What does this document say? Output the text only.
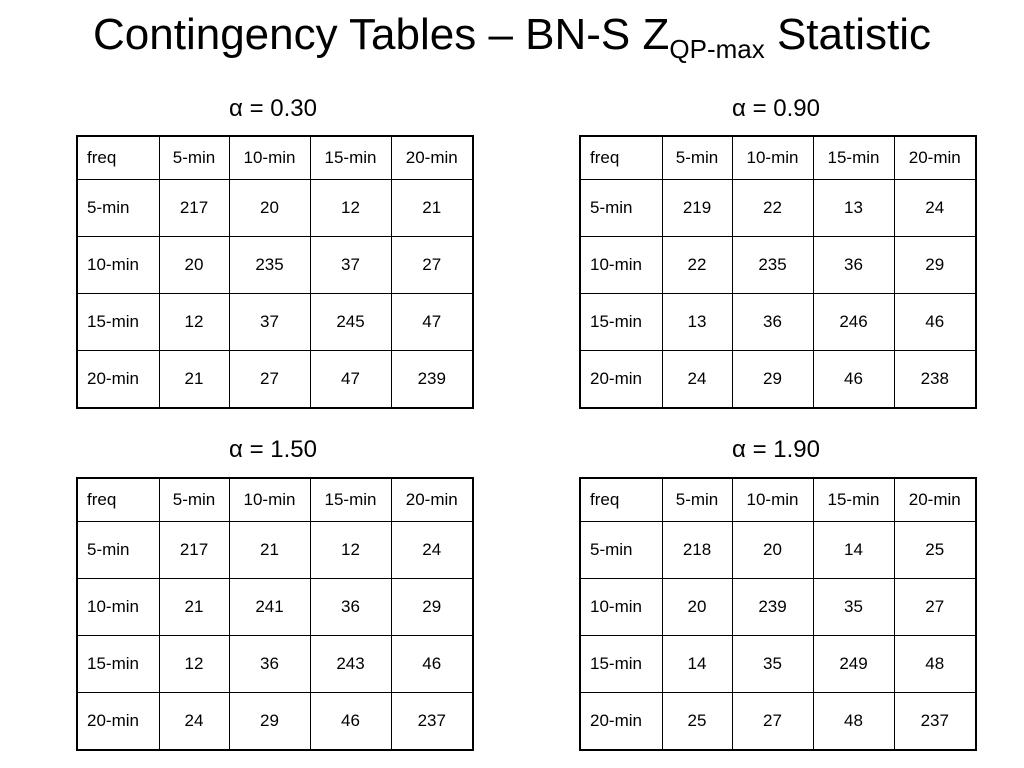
Contingency Tables – BN-S $Z_{QP-max}$ Statistic
α = 0.30
freq	5-min	10-min	15-min	20-min
5-min	217	20	12	21
10-min	20	235	37	27
15-min	12	37	245	47
20-min	21	27	47	239
α = 0.90
freq	5-min	10-min	15-min	20-min
5-min	219	22	13	24
10-min	22	235	36	29
15-min	13	36	246	46
20-min	24	29	46	238
α = 1.50
freq	5-min	10-min	15-min	20-min
5-min	217	21	12	24
10-min	21	241	36	29
15-min	12	36	243	46
20-min	24	29	46	237
α = 1.90
freq	5-min	10-min	15-min	20-min
5-min	218	20	14	25
10-min	20	239	35	27
15-min	14	35	249	48
20-min	25	27	48	237
